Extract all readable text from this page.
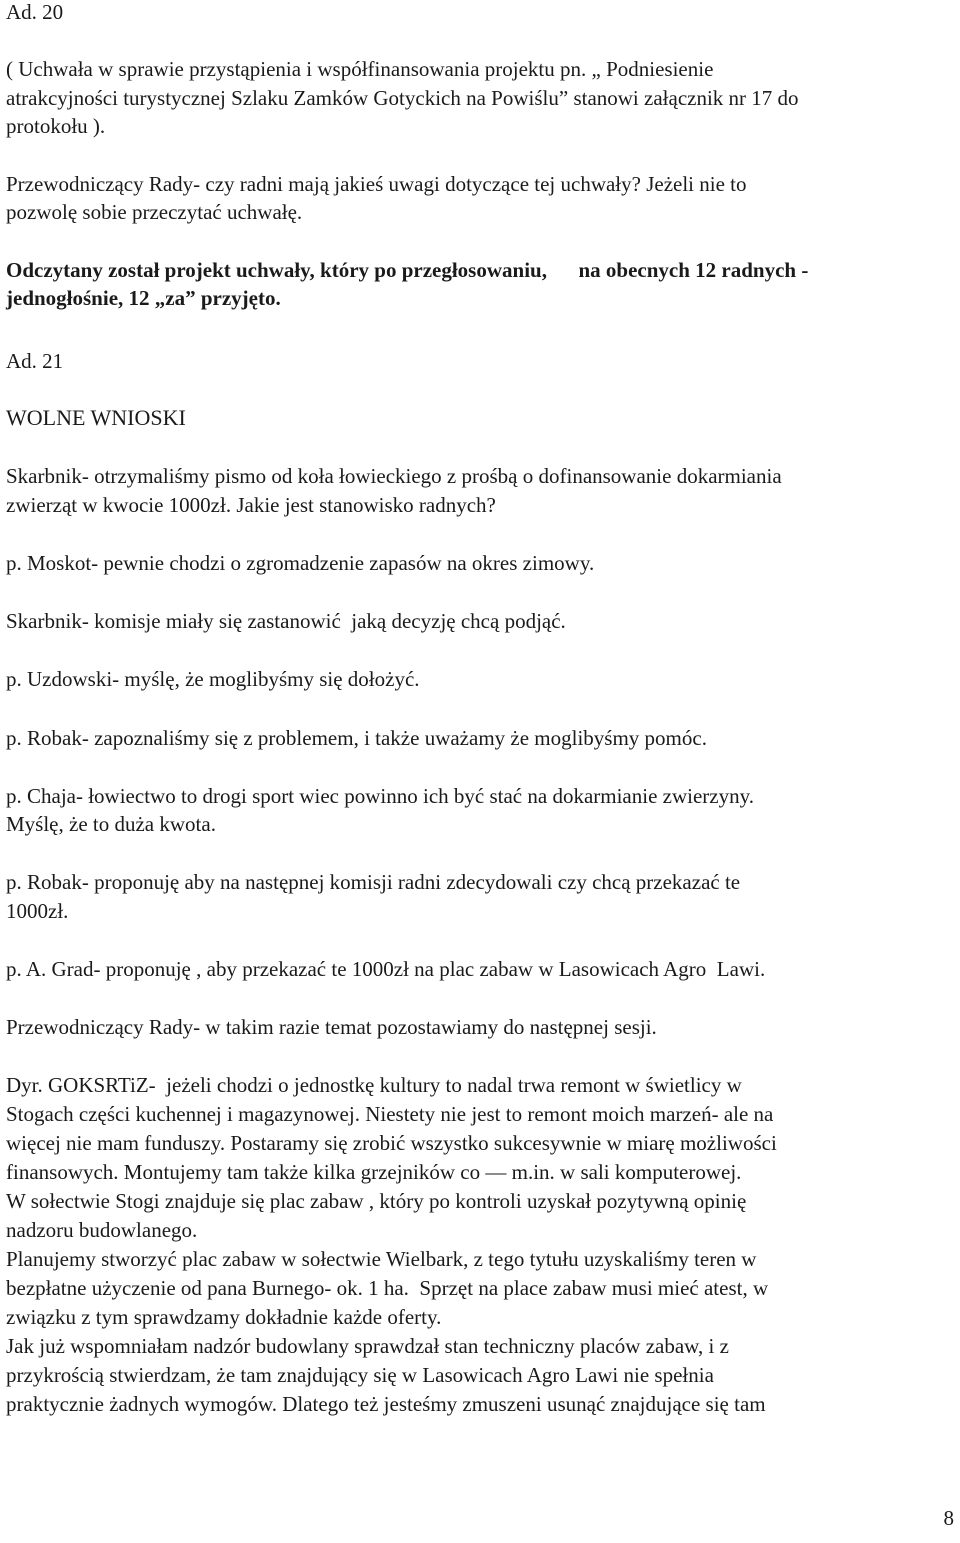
Ad. 20
( Uchwała w sprawie przystąpienia i współfinansowania projektu pn. „ Podniesienie
atrakcyjności turystycznej Szlaku Zamków Gotyckich na Powiślu” stanowi załącznik nr 17 do
protokołu ).
Przewodniczący Rady- czy radni mają jakieś uwagi dotyczące tej uchwały? Jeżeli nie to
pozwolę sobie przeczytać uchwałę.
Odczytany został projekt uchwały, który po przegłosowaniu,      na obecnych 12 radnych -
jednogłośnie, 12 „za” przyjęto.
Ad. 21
WOLNE WNIOSKI
Skarbnik- otrzymaliśmy pismo od koła łowieckiego z prośbą o dofinansowanie dokarmiania
zwierząt w kwocie 1000zł. Jakie jest stanowisko radnych?
p. Moskot- pewnie chodzi o zgromadzenie zapasów na okres zimowy.
Skarbnik- komisje miały się zastanowić  jaką decyzję chcą podjąć.
p. Uzdowski- myślę, że moglibyśmy się dołożyć.
p. Robak- zapoznaliśmy się z problemem, i także uważamy że moglibyśmy pomóc.
p. Chaja- łowiectwo to drogi sport wiec powinno ich być stać na dokarmianie zwierzyny.
Myślę, że to duża kwota.
p. Robak- proponuję aby na następnej komisji radni zdecydowali czy chcą przekazać te
1000zł.
p. A. Grad- proponuję , aby przekazać te 1000zł na plac zabaw w Lasowicach Agro  Lawi.
Przewodniczący Rady- w takim razie temat pozostawiamy do następnej sesji.
Dyr. GOKSRTiZ-  jeżeli chodzi o jednostkę kultury to nadal trwa remont w świetlicy w
Stogach części kuchennej i magazynowej. Niestety nie jest to remont moich marzeń- ale na
więcej nie mam funduszy. Postaramy się zrobić wszystko sukcesywnie w miarę możliwości
finansowych. Montujemy tam także kilka grzejników co — m.in. w sali komputerowej.
W sołectwie Stogi znajduje się plac zabaw , który po kontroli uzyskał pozytywną opinię
nadzoru budowlanego.
Planujemy stworzyć plac zabaw w sołectwie Wielbark, z tego tytułu uzyskaliśmy teren w
bezpłatne użyczenie od pana Burnego- ok. 1 ha.  Sprzęt na place zabaw musi mieć atest, w
związku z tym sprawdzamy dokładnie każde oferty.
Jak już wspomniałam nadzór budowlany sprawdzał stan techniczny placów zabaw, i z
przykrością stwierdzam, że tam znajdujący się w Lasowicach Agro Lawi nie spełnia
praktycznie żadnych wymogów. Dlatego też jesteśmy zmuszeni usunąć znajdujące się tam
8
